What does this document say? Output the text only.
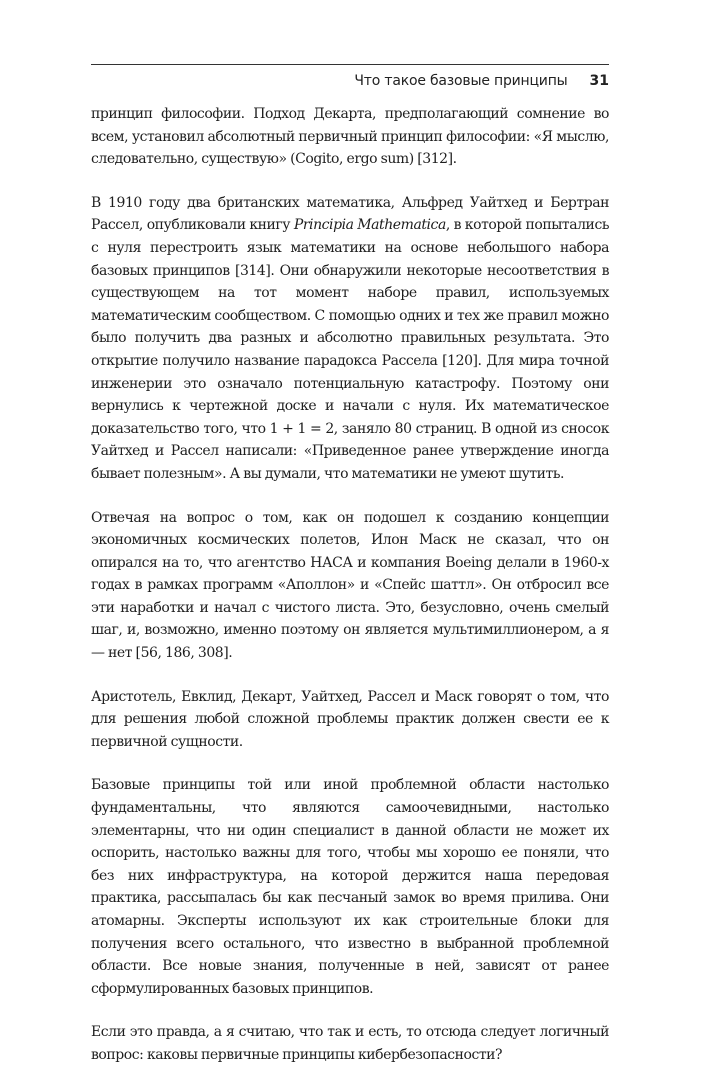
Что такое базовые принципы 31

принцип философии. Подход Декарта, предполагающий сомнение во всем, установил абсолютный первичный принцип философии: «Я мыслю, следовательно, существую» (Cogito, ergo sum) [312].

В 1910 году два британских математика, Альфред Уайтхед и Бертран Рассел, опубликовали книгу Principia Mathematica, в которой попытались с нуля перестроить язык математики на основе небольшого набора базовых принципов [314]. Они обнаружили некоторые несоответствия в существующем на тот момент наборе правил, используемых математическим сообществом. С помощью одних и тех же правил можно было получить два разных и абсолютно правильных результата. Это открытие получило название парадокса Рассела [120]. Для мира точной инженерии это означало потенциальную катастрофу. Поэтому они вернулись к чертежной доске и начали с нуля. Их математическое доказательство того, что 1 + 1 = 2, заняло 80 страниц. В одной из сносок Уайтхед и Рассел написали: «Приведенное ранее утверждение иногда бывает полезным». А вы думали, что математики не умеют шутить.

Отвечая на вопрос о том, как он подошел к созданию концепции экономичных космических полетов, Илон Маск не сказал, что он опирался на то, что агентство НАСА и компания Boeing делали в 1960-х годах в рамках программ «Аполлон» и «Спейс шаттл». Он отбросил все эти наработки и начал с чистого листа. Это, безусловно, очень смелый шаг, и, возможно, именно поэтому он является мультимиллионером, а я — нет [56, 186, 308].

Аристотель, Евклид, Декарт, Уайтхед, Рассел и Маск говорят о том, что для решения любой сложной проблемы практик должен свести ее к первичной сущности.

Базовые принципы той или иной проблемной области настолько фундаментальны, что являются самоочевидными, настолько элементарны, что ни один специалист в данной области не может их оспорить, настолько важны для того, чтобы мы хорошо ее поняли, что без них инфраструктура, на которой держится наша передовая практика, рассыпалась бы как песчаный замок во время прилива. Они атомарны. Эксперты используют их как строительные блоки для получения всего остального, что известно в выбранной проблемной области. Все новые знания, полученные в ней, зависят от ранее сформулированных базовых принципов.

Если это правда, а я считаю, что так и есть, то отсюда следует логичный вопрос: каковы первичные принципы кибербезопасности?
